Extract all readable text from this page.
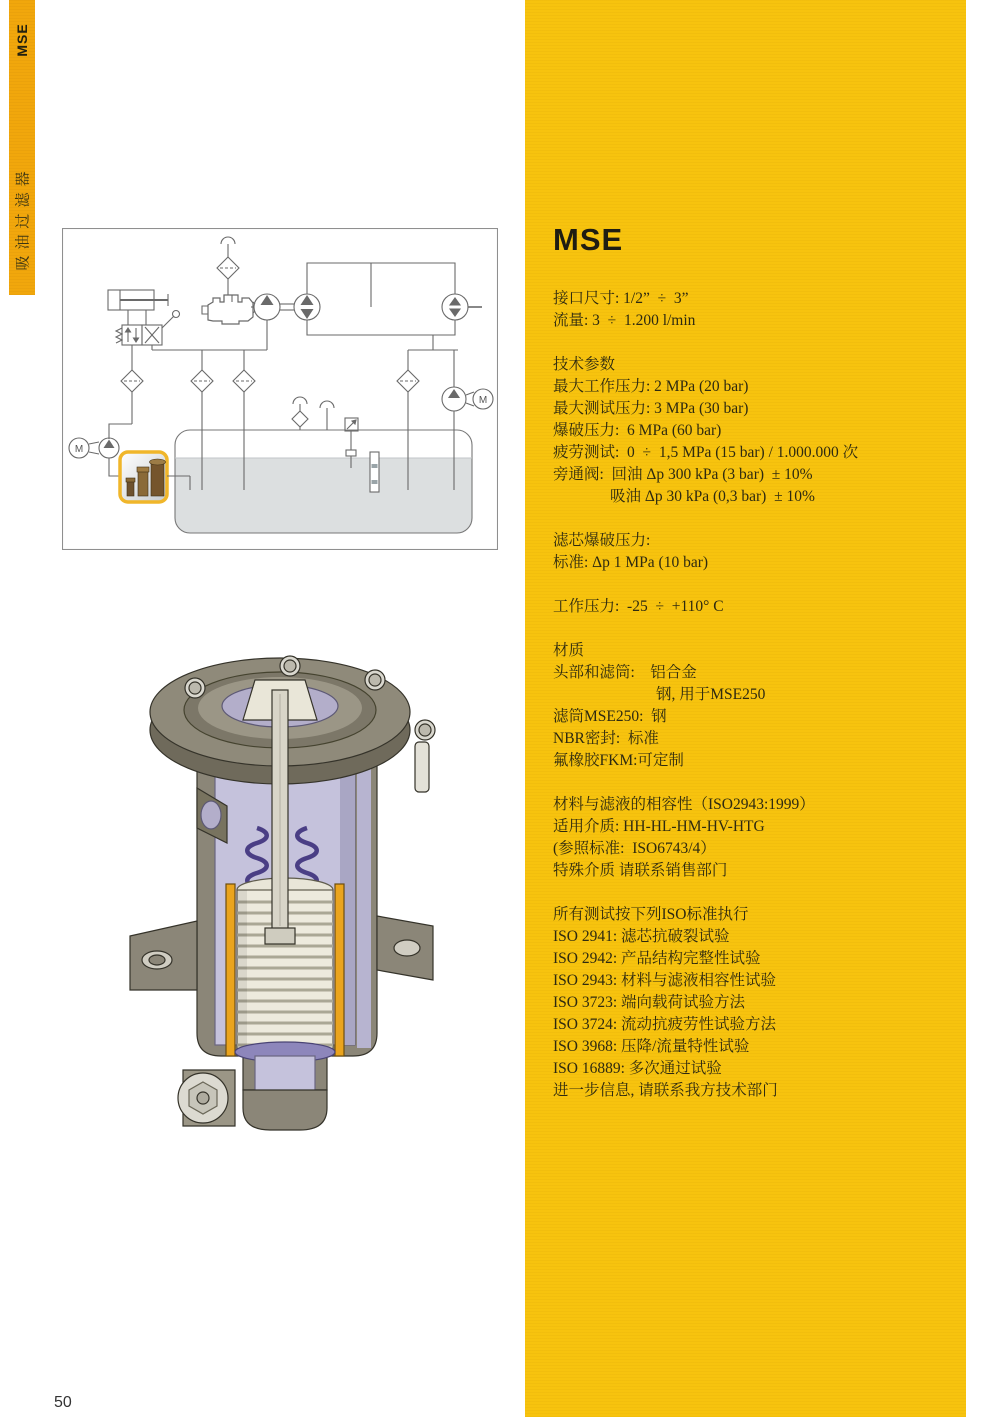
MSE
吸油过滤器
M
M
MSE
接口尺寸: 1/2”  ÷  3”
流量: 3  ÷  1.200 l/min
技术参数
最大工作压力: 2 MPa (20 bar)
最大测试压力: 3 MPa (30 bar)
爆破压力:  6 MPa (60 bar)
疲劳测试:  0  ÷  1,5 MPa (15 bar) / 1.000.000 次
旁通阀:  回油 Δp 300 kPa (3 bar)  ± 10%
吸油 Δp 30 kPa (0,3 bar)  ± 10%
滤芯爆破压力:
标准: Δp 1 MPa (10 bar)
工作压力:  -25  ÷  +110° C
材质
头部和滤筒:    铝合金
钢, 用于MSE250
滤筒MSE250:  钢
NBR密封:  标准
氟橡胶FKM:可定制
材料与滤液的相容性（ISO2943:1999）
适用介质: HH-HL-HM-HV-HTG
(参照标准:  ISO6743/4）
特殊介质 请联系销售部门
所有测试按下列ISO标准执行
ISO 2941: 滤芯抗破裂试验
ISO 2942: 产品结构完整性试验
ISO 2943: 材料与滤液相容性试验
ISO 3723: 端向载荷试验方法
ISO 3724: 流动抗疲劳性试验方法
ISO 3968: 压降/流量特性试验
ISO 16889: 多次通过试验
进一步信息, 请联系我方技术部门
50
